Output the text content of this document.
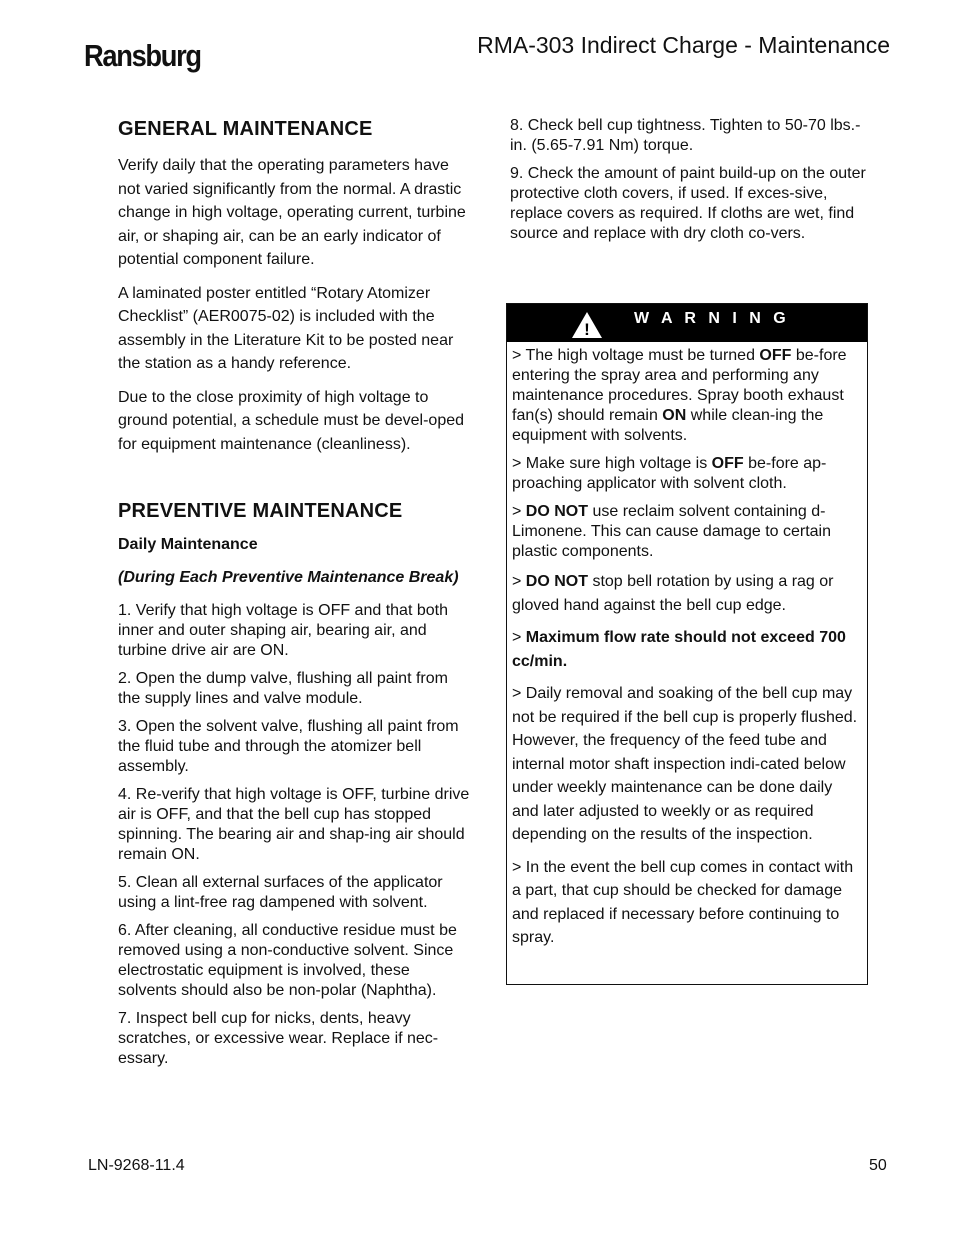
Ransburg	RMA-303 Indirect Charge - Maintenance
GENERAL MAINTENANCE

Verify daily that the operating parameters have not varied significantly from the normal. A drastic change in high voltage, operating current, turbine air, or shaping air, can be an early indicator of potential component failure.

A laminated poster entitled “Rotary Atomizer Checklist” (AER0075-02) is included with the assembly in the Literature Kit to be posted near the station as a handy reference.

Due to the close proximity of high voltage to ground potential, a schedule must be devel-oped for equipment maintenance (cleanliness).

PREVENTIVE MAINTENANCE
Daily Maintenance
(During Each Preventive Maintenance Break)

1. Verify that high voltage is OFF and that both inner and outer shaping air, bearing air, and turbine drive air are ON.

2. Open the dump valve, flushing all paint from the supply lines and valve module.

3. Open the solvent valve, flushing all paint from the fluid tube and through the atomizer bell assembly.

4. Re-verify that high voltage is OFF, turbine drive air is OFF, and that the bell cup has stopped spinning. The bearing air and shap-ing air should remain ON.

5. Clean all external surfaces of the applicator using a lint-free rag dampened with solvent.

6. After cleaning, all conductive residue must be removed using a non-conductive solvent. Since electrostatic equipment is involved, these solvents should also be non-polar (Naphtha).

7. Inspect bell cup for nicks, dents, heavy scratches, or excessive wear. Replace if nec-essary.

8. Check bell cup tightness. Tighten to 50-70 lbs.- in. (5.65-7.91 Nm) torque.

9. Check the amount of paint build-up on the outer protective cloth covers, if used. If exces-sive, replace covers as required. If cloths are wet, find source and replace with dry cloth co-vers.

!
W A R N I N G

> The high voltage must be turned OFF be-fore entering the spray area and performing any maintenance procedures. Spray booth exhaust fan(s) should remain ON while clean-ing the equipment with solvents.

> Make sure high voltage is OFF be-fore ap-proaching applicator with solvent cloth.

> DO NOT use reclaim solvent containing d-Limonene. This can cause damage to certain plastic components.

> DO NOT stop bell rotation by using a rag or gloved hand against the bell cup edge.

> Maximum flow rate should not exceed 700 cc/min.

> Daily removal and soaking of the bell cup may not be required if the bell cup is properly flushed. However, the frequency of the feed tube and internal motor shaft inspection indi-cated below under weekly maintenance can be done daily and later adjusted to weekly or as required depending on the results of the inspection.

> In the event the bell cup comes in contact with a part, that cup should be checked for damage and replaced if necessary before continuing to spray.

LN-9268-11.4	50
